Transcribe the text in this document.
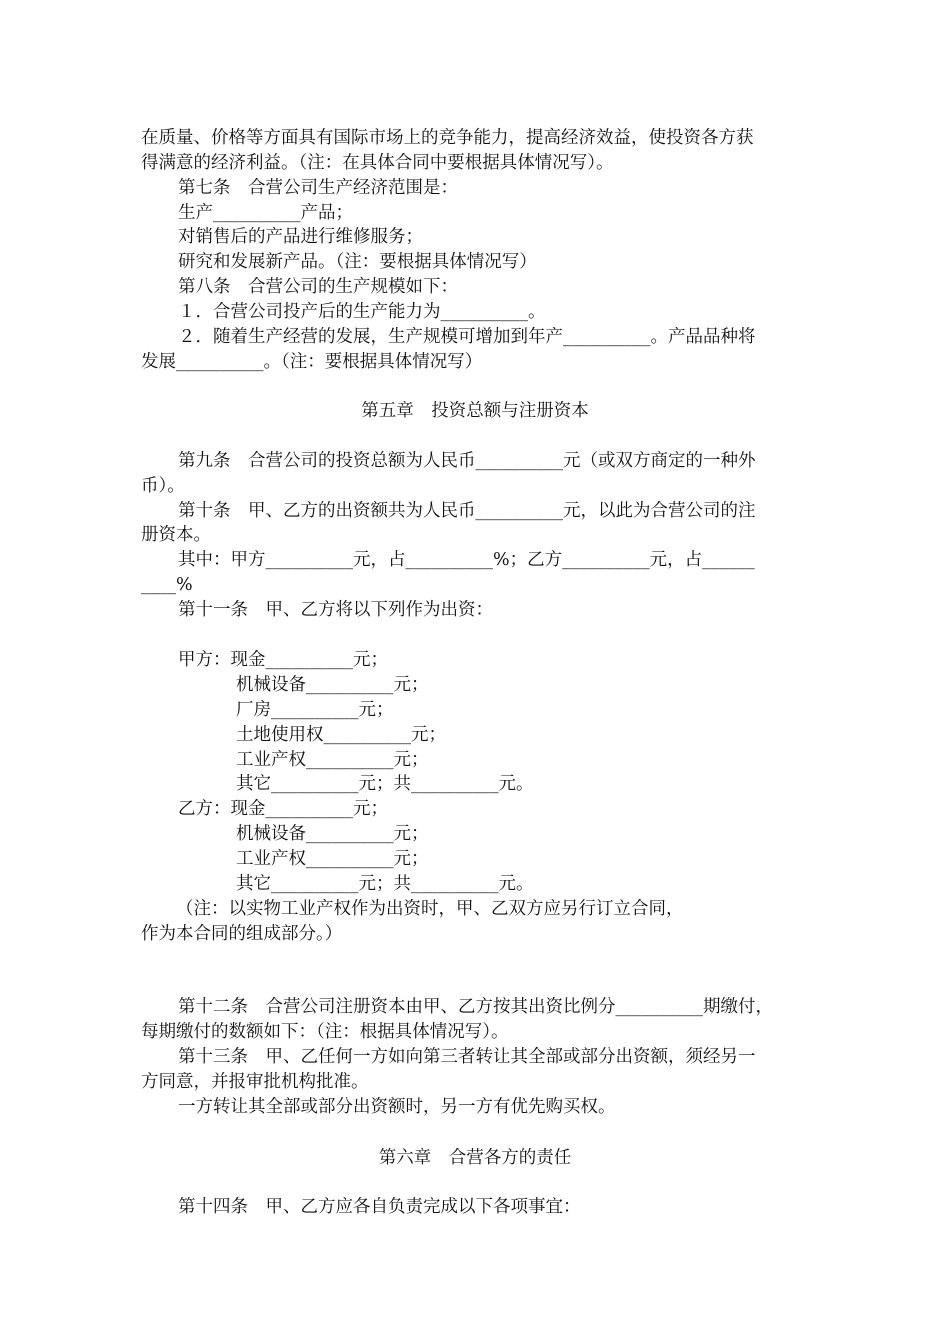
在质量、价格等方面具有国际市场上的竞争能力，提高经济效益，使投资各方获
得满意的经济利益。（注：在具体合同中要根据具体情况写）。
第七条　合营公司生产经济范围是：
生产__________产品；
对销售后的产品进行维修服务；
研究和发展新产品。（注：要根据具体情况写）
第八条　合营公司的生产规模如下：
１．合营公司投产后的生产能力为__________。
２．随着生产经营的发展，生产规模可增加到年产__________。产品品种将
发展__________。（注：要根据具体情况写）
第五章　投资总额与注册资本
第九条　合营公司的投资总额为人民币__________元（或双方商定的一种外
币）。
第十条　甲、乙方的出资额共为人民币__________元，以此为合营公司的注
册资本。
其中：甲方__________元，占__________%；乙方__________元，占______
____%
第十一条　甲、乙方将以下列作为出资：
甲方：现金__________元；
机械设备__________元；
厂房__________元；
土地使用权__________元；
工业产权__________元；
其它__________元；共__________元。
乙方：现金__________元；
机械设备__________元；
工业产权__________元；
其它__________元；共__________元。
（注：以实物工业产权作为出资时，甲、乙双方应另行订立合同，
作为本合同的组成部分。）
第十二条　合营公司注册资本由甲、乙方按其出资比例分__________期缴付，
每期缴付的数额如下：（注：根据具体情况写）。
第十三条　甲、乙任何一方如向第三者转让其全部或部分出资额，须经另一
方同意，并报审批机构批准。
一方转让其全部或部分出资额时，另一方有优先购买权。
第六章　合营各方的责任
第十四条　甲、乙方应各自负责完成以下各项事宜：
